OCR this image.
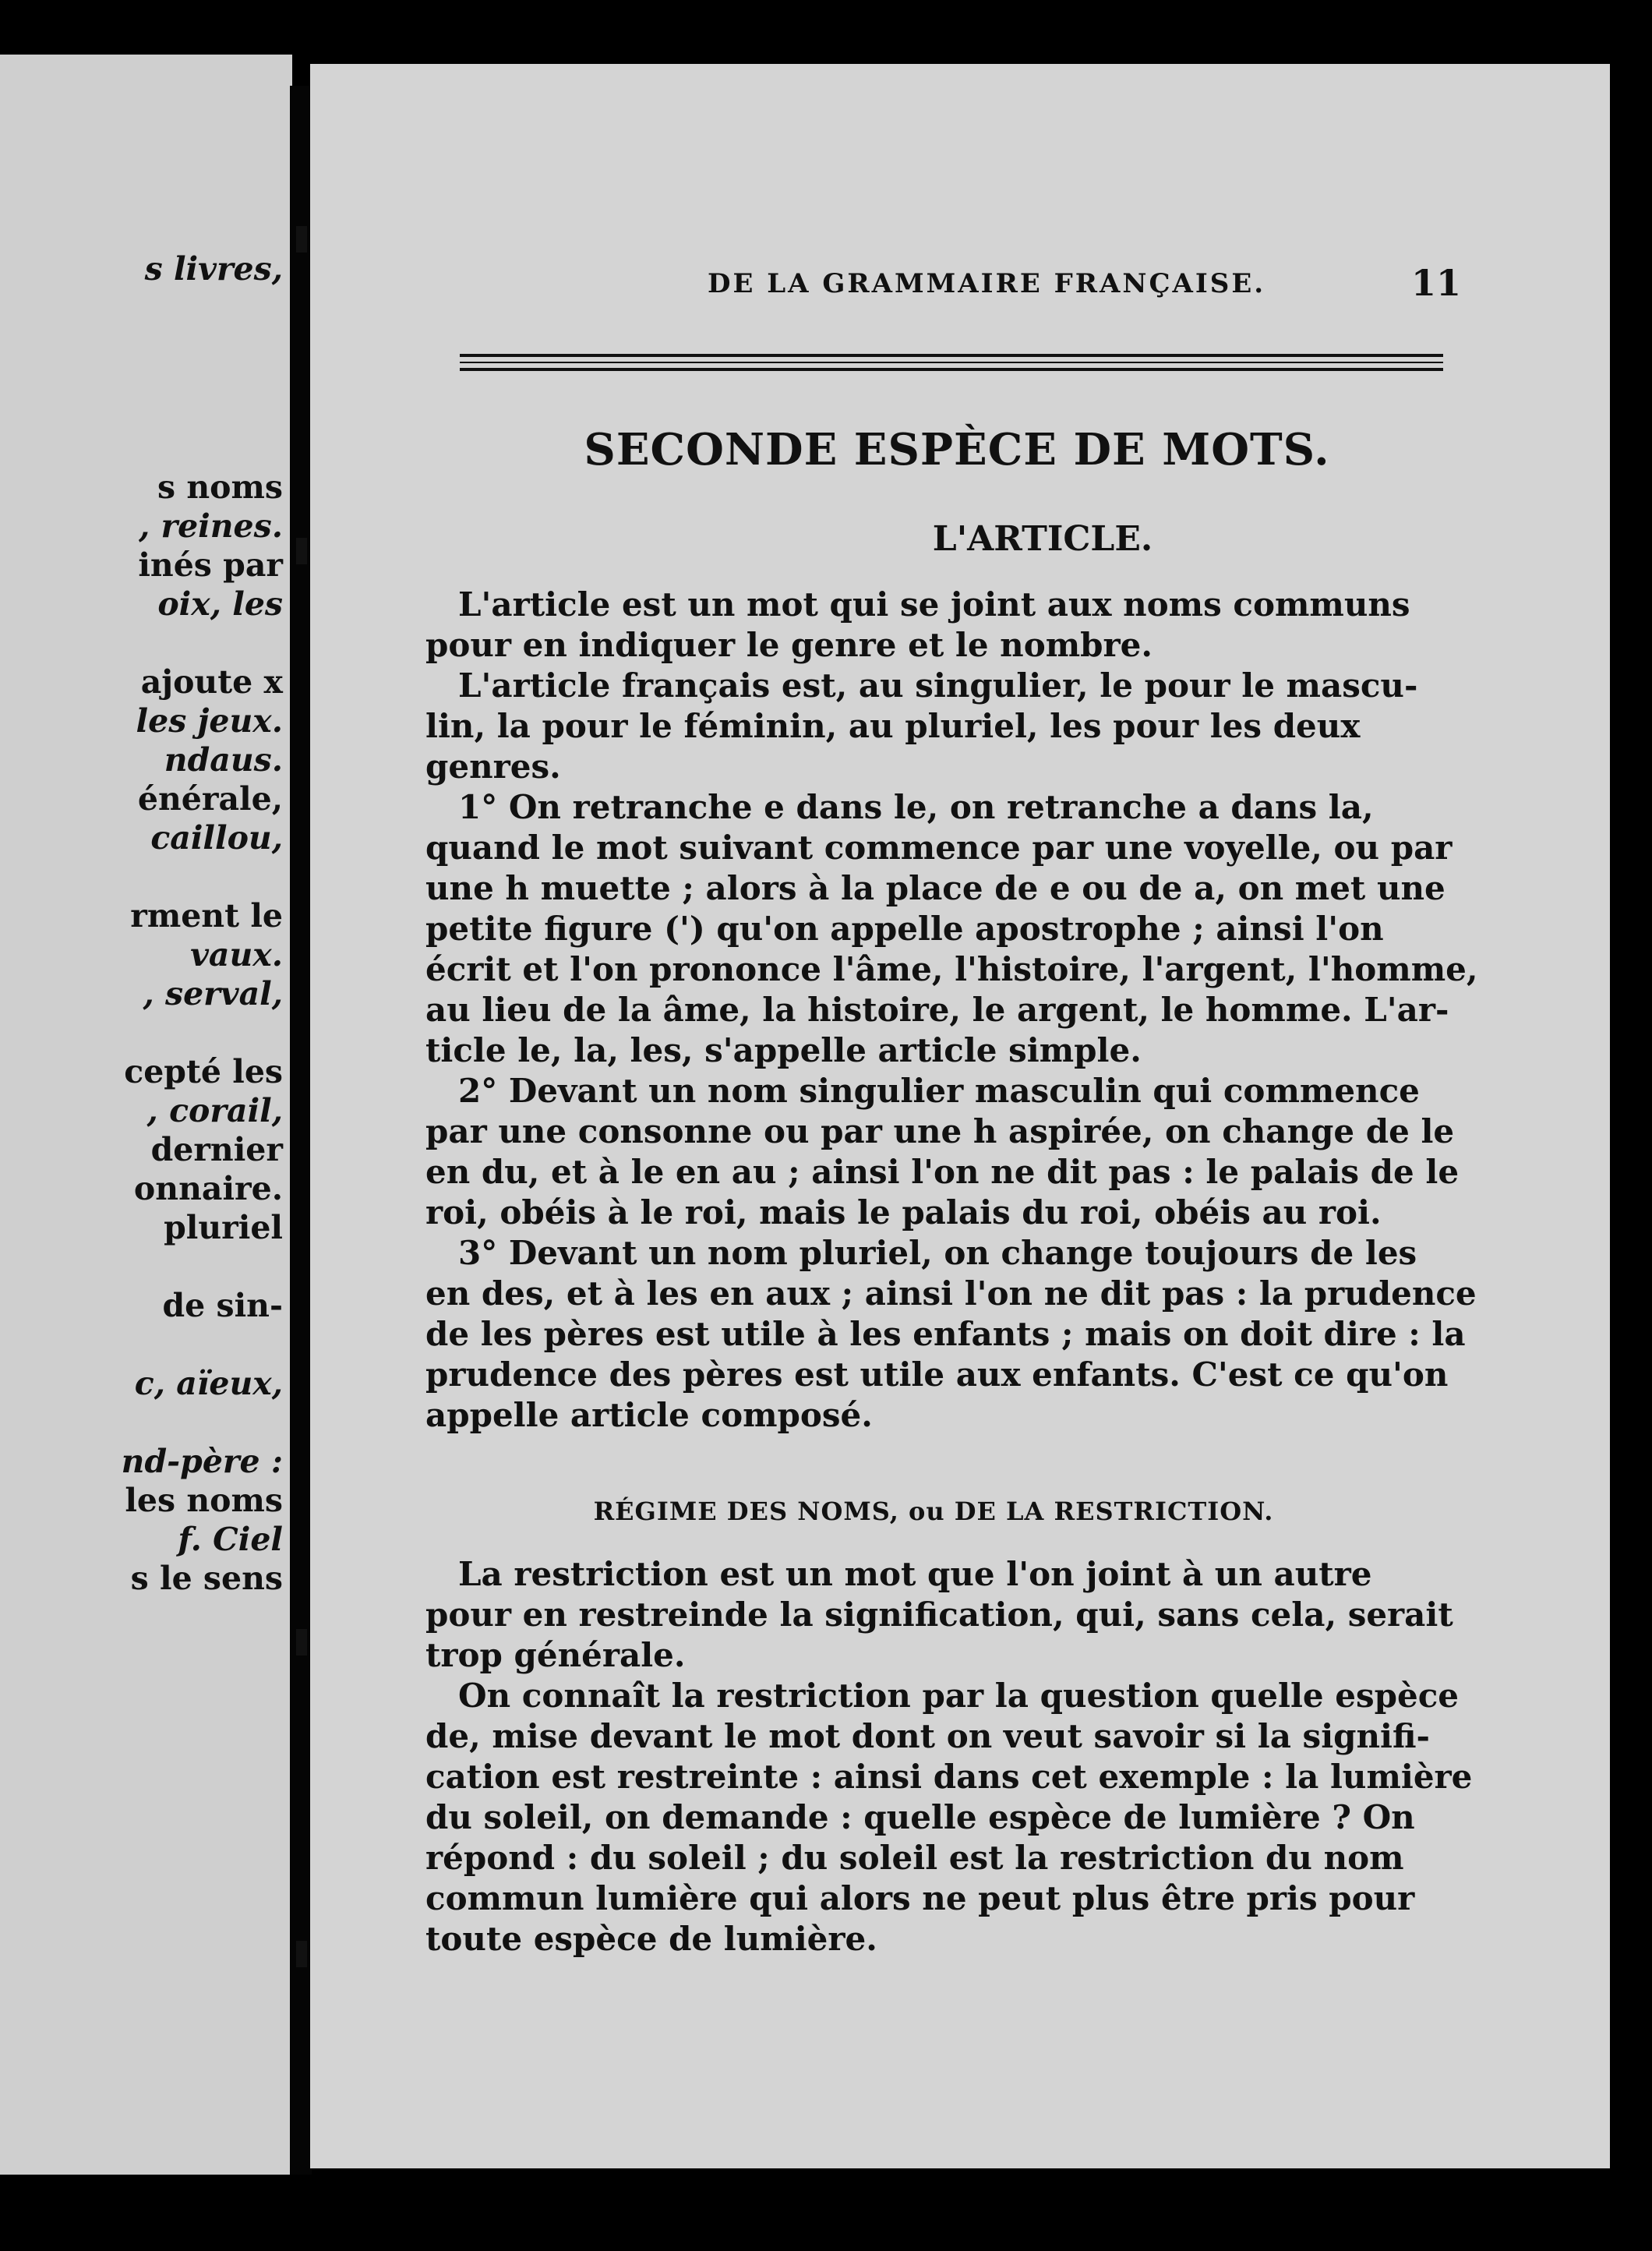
s livres,
s noms
, reines.
inés par
oix, les
ajoute x
les jeux.
ndaus.
énérale,
caillou,
rment le
vaux.
, serval,
cepté les
, corail,
dernier
onnaire.
pluriel
de sin-
c, aïeux,
nd-père :
les noms
f. Ciel
s le sens
DE LA GRAMMAIRE FRANÇAISE.	11
SECONDE ESPÈCE DE MOTS.
L'ARTICLE.
L'article est un mot qui se joint aux noms communs
pour en indiquer le genre et le nombre.
L'article français est, au singulier, le pour le mascu-
lin, la pour le féminin, au pluriel, les pour les deux
genres.
1° On retranche e dans le, on retranche a dans la,
quand le mot suivant commence par une voyelle, ou par
une h muette ; alors à la place de e ou de a, on met une
petite figure (') qu'on appelle apostrophe ; ainsi l'on
écrit et l'on prononce l'âme, l'histoire, l'argent, l'homme,
au lieu de la âme, la histoire, le argent, le homme. L'ar-
ticle le, la, les, s'appelle article simple.
2° Devant un nom singulier masculin qui commence
par une consonne ou par une h aspirée, on change de le
en du, et à le en au ; ainsi l'on ne dit pas : le palais de le
roi, obéis à le roi, mais le palais du roi, obéis au roi.
3° Devant un nom pluriel, on change toujours de les
en des, et à les en aux ; ainsi l'on ne dit pas : la prudence
de les pères est utile à les enfants ; mais on doit dire : la
prudence des pères est utile aux enfants. C'est ce qu'on
appelle article composé.
RÉGIME DES NOMS, ou DE LA RESTRICTION.
La restriction est un mot que l'on joint à un autre
pour en restreinde la signification, qui, sans cela, serait
trop générale.
On connaît la restriction par la question quelle espèce
de, mise devant le mot dont on veut savoir si la signifi-
cation est restreinte : ainsi dans cet exemple : la lumière
du soleil, on demande : quelle espèce de lumière ? On
répond : du soleil ; du soleil est la restriction du nom
commun lumière qui alors ne peut plus être pris pour
toute espèce de lumière.
